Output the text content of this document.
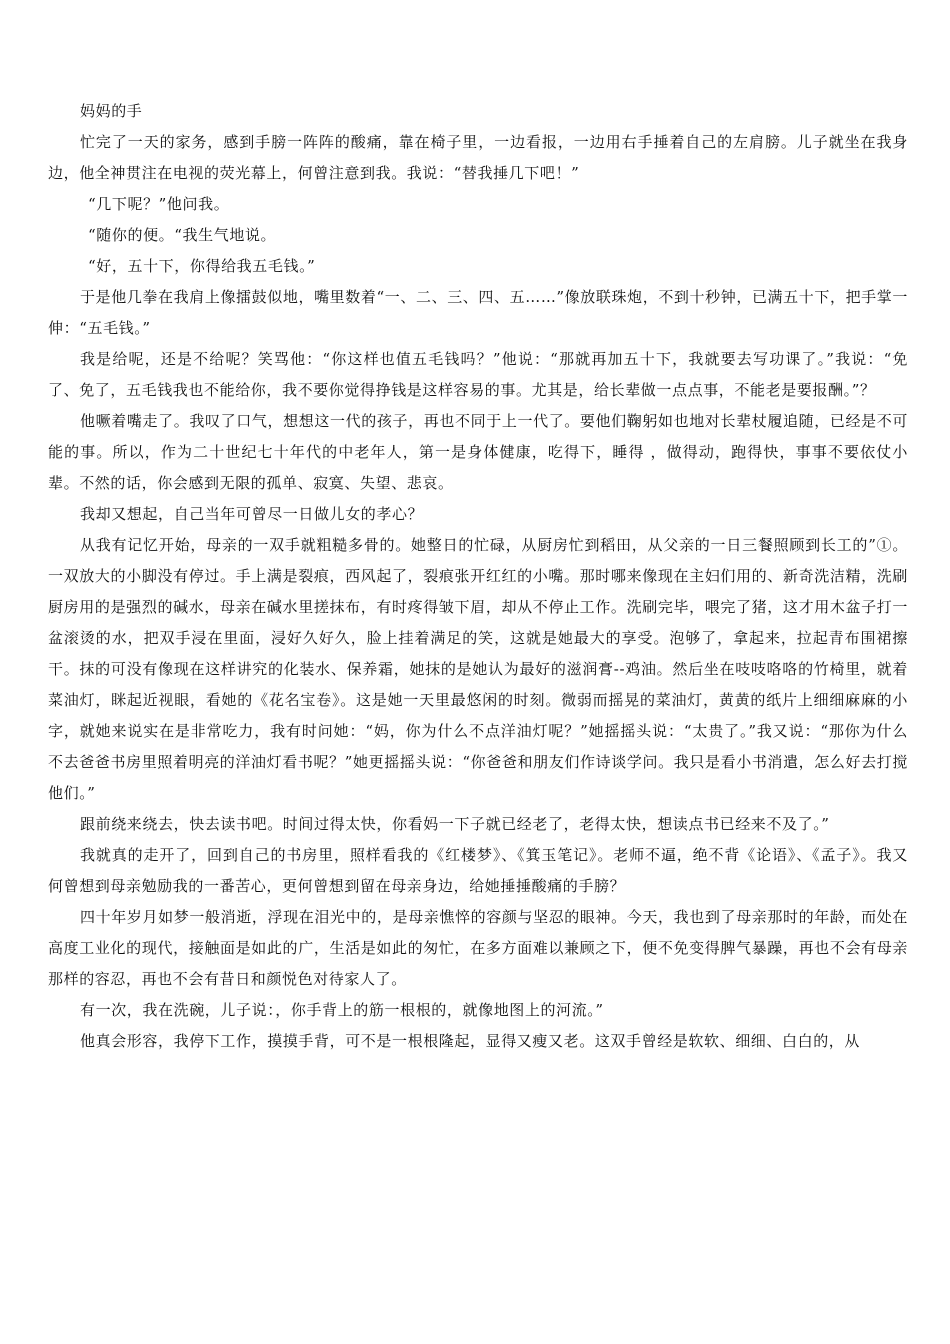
妈妈的手

忙完了一天的家务，感到手膀一阵阵的酸痛，靠在椅子里，一边看报，一边用右手捶着自己的左肩膀。儿子就坐在我身边，他全神贯注在电视的荧光幕上，何曾注意到我。我说：“替我捶几下吧！”

“几下呢？”他问我。

“随你的便。“我生气地说。

“好，五十下，你得给我五毛钱。”

于是他几拳在我肩上像擂鼓似地，嘴里数着“一、二、三、四、五……”像放联珠炮，不到十秒钟，已满五十下，把手掌一伸：“五毛钱。”

我是给呢，还是不给呢？笑骂他：“你这样也值五毛钱吗？”他说：“那就再加五十下，我就要去写功课了。”我说：“免了、免了，五毛钱我也不能给你，我不要你觉得挣钱是这样容易的事。尤其是，给长辈做一点点事，不能老是要报酬。”？

他噘着嘴走了。我叹了口气，想想这一代的孩子，再也不同于上一代了。要他们鞠躬如也地对长辈杖履追随，已经是不可能的事。所以，作为二十世纪七十年代的中老年人，第一是身体健康，吃得下，睡得 ，做得动，跑得快，事事不要依仗小辈。不然的话，你会感到无限的孤单、寂寞、失望、悲哀。

我却又想起，自己当年可曾尽一日做儿女的孝心？

从我有记忆开始，母亲的一双手就粗糙多骨的。她整日的忙碌，从厨房忙到稻田，从父亲的一日三餐照顾到长工的”①。一双放大的小脚没有停过。手上满是裂痕，西风起了，裂痕张开红红的小嘴。那时哪来像现在主妇们用的、新奇洗洁精，洗刷厨房用的是强烈的碱水，母亲在碱水里搓抹布，有时疼得皱下眉，却从不停止工作。洗刷完毕，喂完了猪，这才用木盆子打一盆滚烫的水，把双手浸在里面，浸好久好久，脸上挂着满足的笑，这就是她最大的享受。泡够了，拿起来，拉起青布围裙擦干。抹的可没有像现在这样讲究的化装水、保养霜，她抹的是她认为最好的滋润膏--鸡油。然后坐在吱吱咯咯的竹椅里，就着菜油灯，眯起近视眼，看她的《花名宝卷》。这是她一天里最悠闲的时刻。微弱而摇晃的菜油灯，黄黄的纸片上细细麻麻的小字，就她来说实在是非常吃力，我有时问她：“妈，你为什么不点洋油灯呢？”她摇摇头说：“太贵了。”我又说：“那你为什么不去爸爸书房里照着明亮的洋油灯看书呢？”她更摇摇头说：“你爸爸和朋友们作诗谈学问。我只是看小书消遣，怎么好去打搅他们。”

跟前绕来绕去，快去读书吧。时间过得太快，你看妈一下子就已经老了，老得太快，想读点书已经来不及了。”

我就真的走开了，回到自己的书房里，照样看我的《红楼梦》、《箕玉笔记》。老师不逼，绝不背《论语》、《孟子》。我又何曾想到母亲勉励我的一番苦心，更何曾想到留在母亲身边，给她捶捶酸痛的手膀？

四十年岁月如梦一般消逝，浮现在泪光中的，是母亲憔悴的容颜与坚忍的眼神。今天，我也到了母亲那时的年龄，而处在高度工业化的现代，接触面是如此的广，生活是如此的匆忙，在多方面难以兼顾之下，便不免变得脾气暴躁，再也不会有母亲那样的容忍，再也不会有昔日和颜悦色对待家人了。

有一次，我在洗碗，儿子说：，你手背上的筋一根根的，就像地图上的河流。”

他真会形容，我停下工作，摸摸手背，可不是一根根隆起，显得又瘦又老。这双手曾经是软软、细细、白白的，从
